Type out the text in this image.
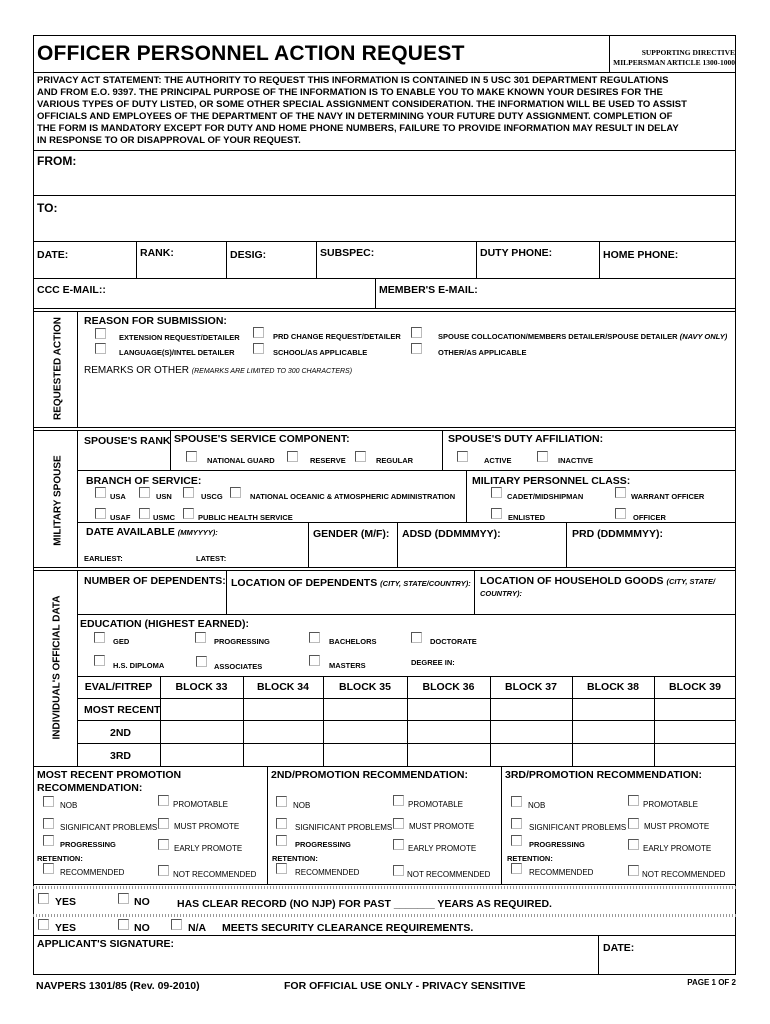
OFFICER PERSONNEL ACTION REQUEST	SUPPORTING DIRECTIVE
MILPERSMAN ARTICLE 1300-1000
PRIVACY ACT STATEMENT: THE AUTHORITY TO REQUEST THIS INFORMATION IS CONTAINED IN 5 USC 301 DEPARTMENT REGULATIONS
AND FROM E.O. 9397. THE PRINCIPAL PURPOSE OF THE INFORMATION IS TO ENABLE YOU TO MAKE KNOWN YOUR DESIRES FOR THE
VARIOUS TYPES OF DUTY LISTED, OR SOME OTHER SPECIAL ASSIGNMENT CONSIDERATION. THE INFORMATION WILL BE USED TO ASSIST
OFFICIALS AND EMPLOYEES OF THE DEPARTMENT OF THE NAVY IN DETERMINING YOUR FUTURE DUTY ASSIGNMENT. COMPLETION OF
THE FORM IS MANDATORY EXCEPT FOR DUTY AND HOME PHONE NUMBERS, FAILURE TO PROVIDE INFORMATION MAY RESULT IN DELAY
IN RESPONSE TO OR DISAPPROVAL OF YOUR REQUEST.
FROM:
TO:
DATE:	RANK:	DESIG:	SUBSPEC:	DUTY PHONE:	HOME PHONE:
CCC E-MAIL::	MEMBER'S E-MAIL:
REQUESTED ACTION REASON FOR SUBMISSION:
EXTENSION REQUEST/DETAILER	PRD CHANGE REQUEST/DETAILER	SPOUSE COLLOCATION/MEMBERS DETAILER/SPOUSE DETAILER (NAVY ONLY)
LANGUAGE(S)/INTEL DETAILER	SCHOOL/AS APPLICABLE	OTHER/AS APPLICABLE
REMARKS OR OTHER (REMARKS ARE LIMITED TO 300 CHARACTERS)
MILITARY SPOUSE
SPOUSE'S RANK SPOUSE'S SERVICE COMPONENT:	SPOUSE'S DUTY AFFILIATION:
NATIONAL GUARD	RESERVE	REGULAR	ACTIVE	INACTIVE
BRANCH OF SERVICE:	MILITARY PERSONNEL CLASS:
USA	USN	USCG	NATIONAL OCEANIC & ATMOSPHERIC ADMINISTRATION	CADET/MIDSHIPMAN	WARRANT OFFICER
USAF	USMC	PUBLIC HEALTH SERVICE	ENLISTED	OFFICER
DATE AVAILABLE (MMYYYY):	GENDER (M/F): ADSD (DDMMMYY):	PRD (DDMMMYY):
EARLIEST:	LATEST:
INDIVIDUAL'S OFFICIAL DATA
NUMBER OF DEPENDENTS: LOCATION OF DEPENDENTS (CITY, STATE/COUNTRY): LOCATION OF HOUSEHOLD GOODS (CITY, STATE/
COUNTRY):
EDUCATION (HIGHEST EARNED):
GED	PROGRESSING	BACHELORS	DOCTORATE
H.S. DIPLOMA	ASSOCIATES	MASTERS	DEGREE IN:
EVAL/FITREP	BLOCK 33	BLOCK 34	BLOCK 35	BLOCK 36	BLOCK 37	BLOCK 38	BLOCK 39
MOST RECENT
2ND
3RD
MOST RECENT PROMOTION
RECOMMENDATION:
NOB	PROMOTABLE
SIGNIFICANT PROBLEMS MUST PROMOTE
PROGRESSING	EARLY PROMOTE
RETENTION:
RECOMMENDED	NOT RECOMMENDED
2ND/PROMOTION RECOMMENDATION:
NOB	PROMOTABLE
SIGNIFICANT PROBLEMS MUST PROMOTE
PROGRESSING	EARLY PROMOTE
RETENTION:
RECOMMENDED	NOT RECOMMENDED
3RD/PROMOTION RECOMMENDATION:
NOB	PROMOTABLE
SIGNIFICANT PROBLEMS MUST PROMOTE
PROGRESSING	EARLY PROMOTE
RETENTION:
RECOMMENDED	NOT RECOMMENDED
YES	NO	HAS CLEAR RECORD (NO NJP) FOR PAST _______ YEARS AS REQUIRED.
YES	NO	N/A MEETS SECURITY CLEARANCE REQUIREMENTS.
APPLICANT'S SIGNATURE:	DATE:
NAVPERS 1301/85 (Rev. 09-2010)	FOR OFFICIAL USE ONLY - PRIVACY SENSITIVE	PAGE 1 OF 2
